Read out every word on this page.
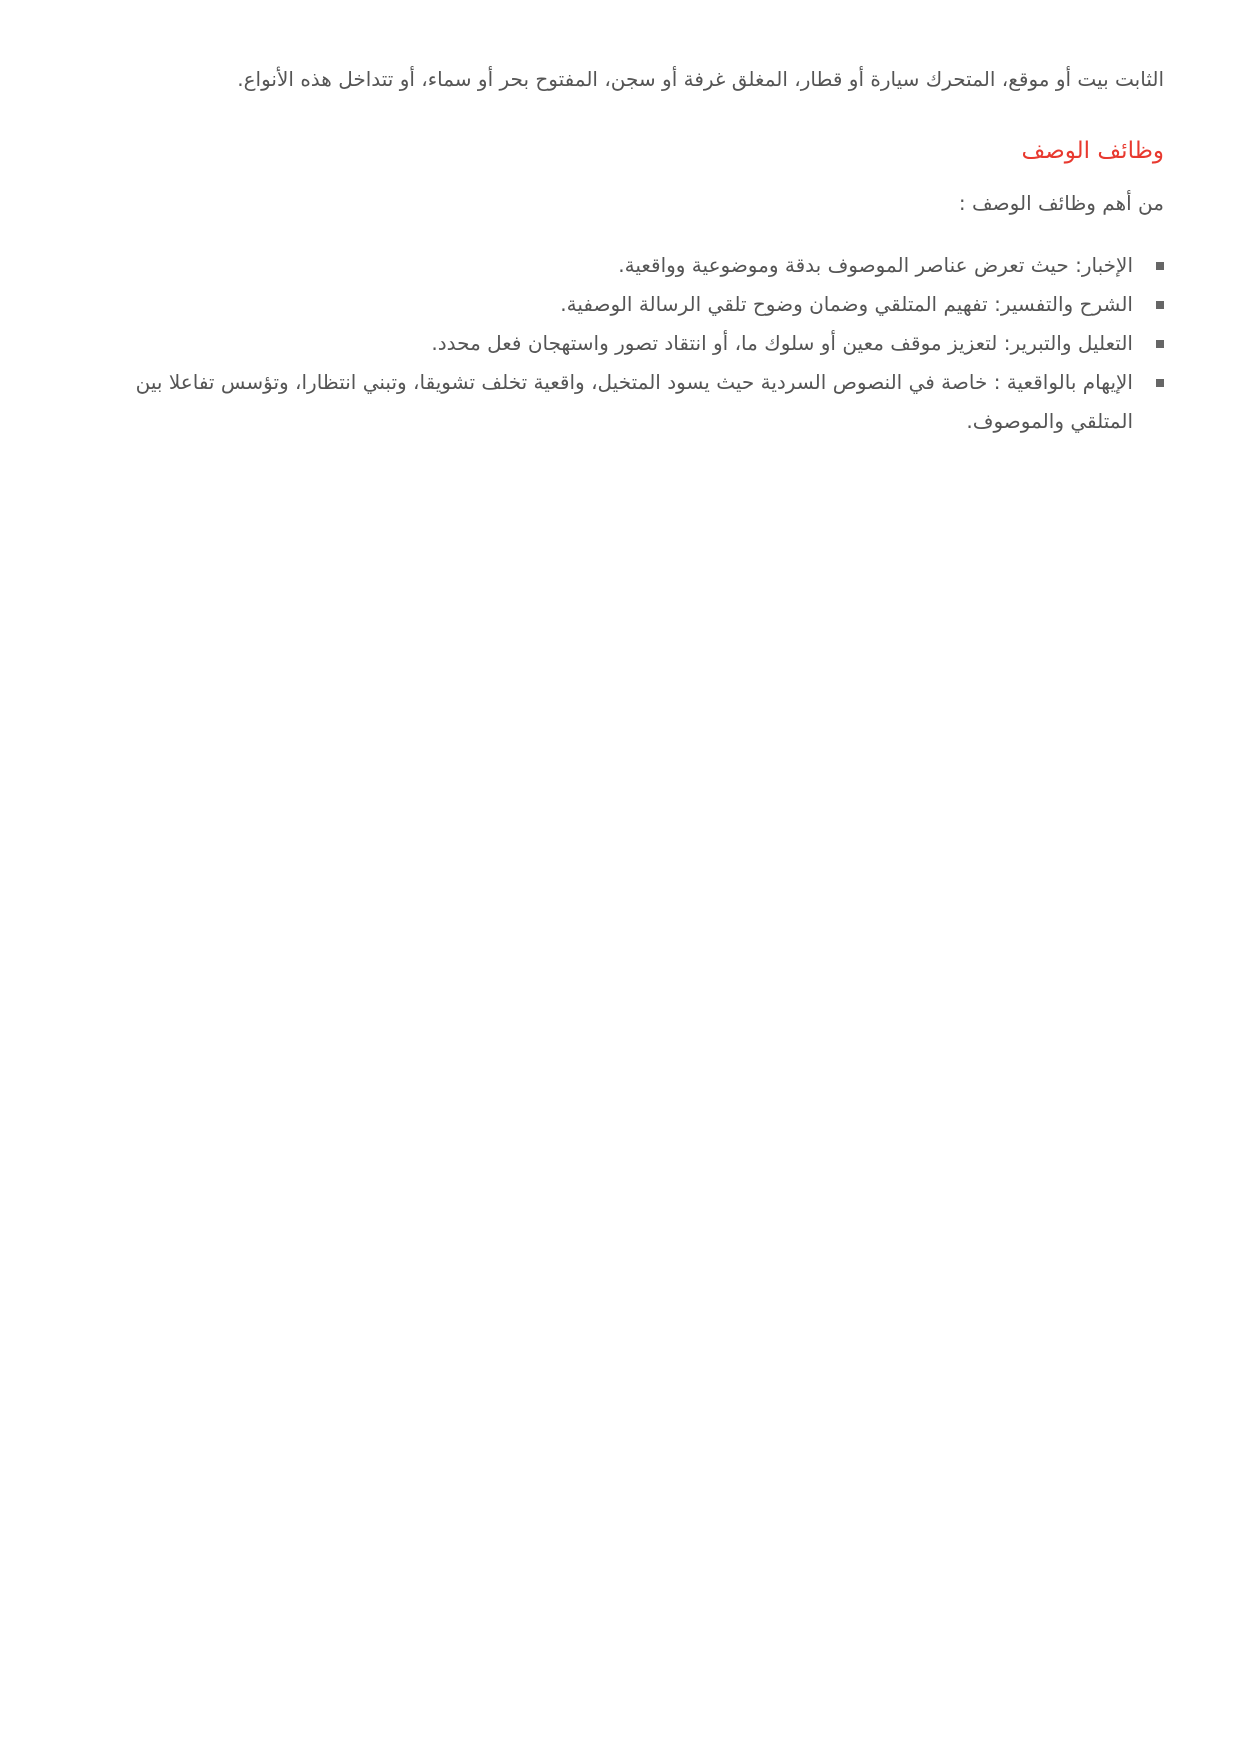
الثابت بيت أو موقع، المتحرك سيارة أو قطار، المغلق غرفة أو سجن، المفتوح بحر أو سماء، أو تتداخل هذه الأنواع.

وظائف الوصف

من أهم وظائف الوصف :

الإخبار: حيث تعرض عناصر الموصوف بدقة وموضوعية وواقعية.
الشرح والتفسير: تفهيم المتلقي وضمان وضوح تلقي الرسالة الوصفية.
التعليل والتبرير: لتعزيز موقف معين أو سلوك ما، أو انتقاد تصور واستهجان فعل محدد.
الإيهام بالواقعية : خاصة في النصوص السردية حيث يسود المتخيل، واقعية تخلف تشويقا، وتبني انتظارا، وتؤسس تفاعلا بين المتلقي والموصوف.
